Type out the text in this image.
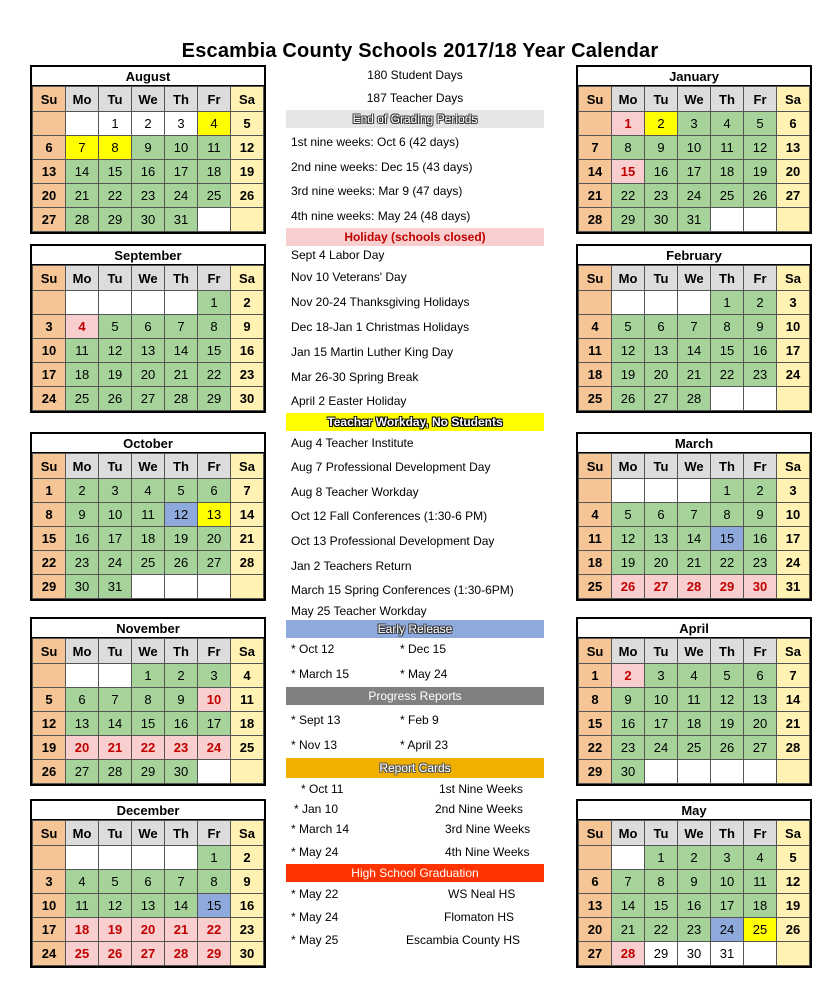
Escambia County Schools 2017/18 Year Calendar
August
Su	Mo	Tu	We	Th	Fr	Sa
		1	2	3	4	5
6	7	8	9	10	11	12
13	14	15	16	17	18	19
20	21	22	23	24	25	26
27	28	29	30	31		
September
Su	Mo	Tu	We	Th	Fr	Sa
					1	2
3	4	5	6	7	8	9
10	11	12	13	14	15	16
17	18	19	20	21	22	23
24	25	26	27	28	29	30
October
Su	Mo	Tu	We	Th	Fr	Sa
1	2	3	4	5	6	7
8	9	10	11	12	13	14
15	16	17	18	19	20	21
22	23	24	25	26	27	28
29	30	31				
November
Su	Mo	Tu	We	Th	Fr	Sa
			1	2	3	4
5	6	7	8	9	10	11
12	13	14	15	16	17	18
19	20	21	22	23	24	25
26	27	28	29	30		
December
Su	Mo	Tu	We	Th	Fr	Sa
					1	2
3	4	5	6	7	8	9
10	11	12	13	14	15	16
17	18	19	20	21	22	23
24	25	26	27	28	29	30
January
Su	Mo	Tu	We	Th	Fr	Sa
	1	2	3	4	5	6
7	8	9	10	11	12	13
14	15	16	17	18	19	20
21	22	23	24	25	26	27
28	29	30	31			
February
Su	Mo	Tu	We	Th	Fr	Sa
				1	2	3
4	5	6	7	8	9	10
11	12	13	14	15	16	17
18	19	20	21	22	23	24
25	26	27	28			
March
Su	Mo	Tu	We	Th	Fr	Sa
				1	2	3
4	5	6	7	8	9	10
11	12	13	14	15	16	17
18	19	20	21	22	23	24
25	26	27	28	29	30	31
April
Su	Mo	Tu	We	Th	Fr	Sa
1	2	3	4	5	6	7
8	9	10	11	12	13	14
15	16	17	18	19	20	21
22	23	24	25	26	27	28
29	30					
May
Su	Mo	Tu	We	Th	Fr	Sa
		1	2	3	4	5
6	7	8	9	10	11	12
13	14	15	16	17	18	19
20	21	22	23	24	25	26
27	28	29	30	31		
180 Student Days
187 Teacher Days
End of Grading Periods
1st nine weeks: Oct 6 (42 days)
2nd nine weeks: Dec 15 (43 days)
3rd nine weeks: Mar 9 (47 days)
4th nine weeks: May 24 (48 days)
Holiday (schools closed)
Sept 4 Labor Day
Nov 10 Veterans' Day
Nov 20-24 Thanksgiving Holidays
Dec 18-Jan 1 Christmas Holidays
Jan 15 Martin Luther King Day
Mar 26-30 Spring Break
April 2 Easter Holiday
Teacher Workday, No Students
Aug 4 Teacher Institute
Aug 7 Professional Development Day
Aug 8 Teacher Workday
Oct 12 Fall Conferences (1:30-6 PM)
Oct 13 Professional Development Day
Jan 2 Teachers Return
March 15 Spring Conferences (1:30-6PM)
May 25 Teacher Workday
Early Release
* Oct 12	* Dec 15
* March 15	* May 24
Progress Reports
* Sept 13	* Feb 9
* Nov 13	* April 23
Report Cards
* Oct 11	1st Nine Weeks
* Jan 10	2nd Nine Weeks
* March 14	3rd Nine Weeks
* May 24	4th Nine Weeks
High School Graduation
* May 22	WS Neal HS
* May 24	Flomaton HS
* May 25	Escambia County HS
